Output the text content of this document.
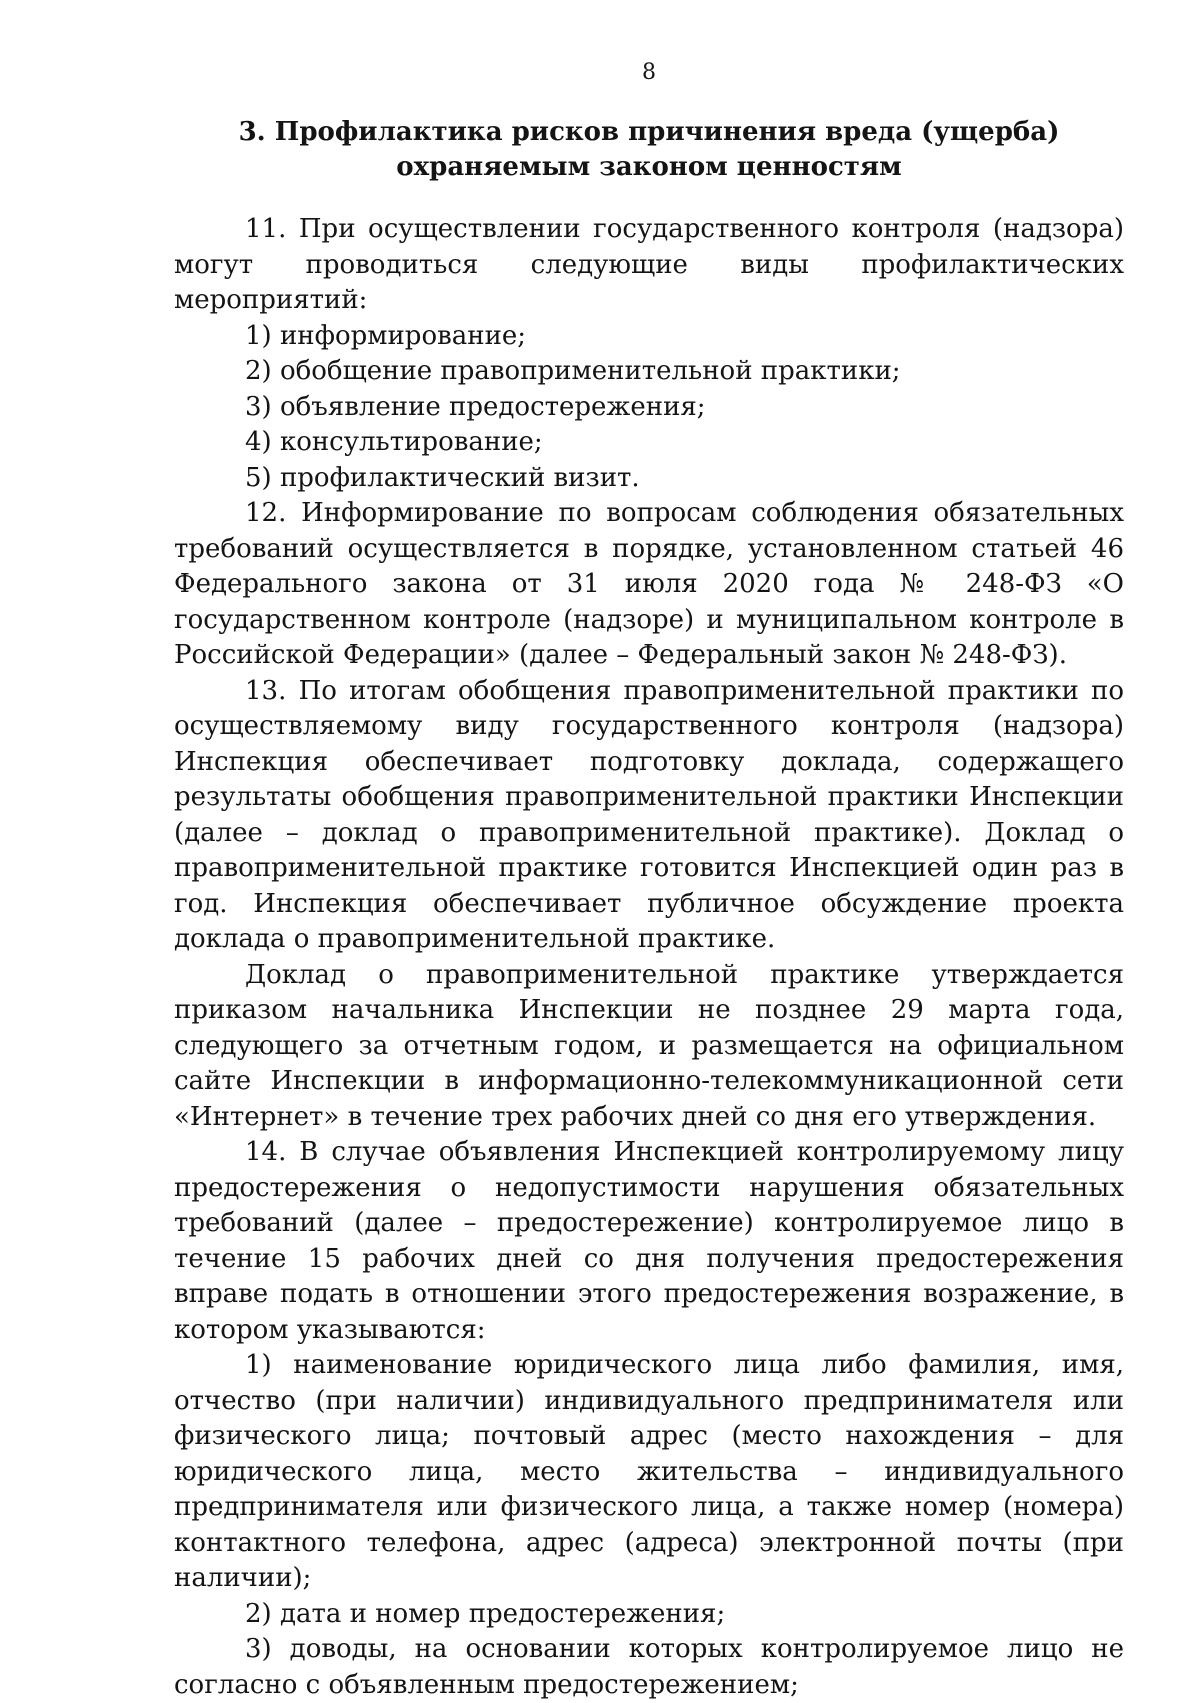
8
3. Профилактика рисков причинения вреда (ущерба)
охраняемым законом ценностям

11. При осуществлении государственного контроля (надзора) могут проводиться следующие виды профилактических мероприятий:

1) информирование;

2) обобщение правоприменительной практики;

3) объявление предостережения;

4) консультирование;

5) профилактический визит.

12. Информирование по вопросам соблюдения обязательных требований осуществляется в порядке, установленном статьей 46 Федерального закона от 31 июля 2020 года № 248-ФЗ «О государственном контроле (надзоре) и муниципальном контроле в Российской Федерации» (далее – Федеральный закон № 248-ФЗ).

13. По итогам обобщения правоприменительной практики по осуществляемому виду государственного контроля (надзора) Инспекция обеспечивает подготовку доклада, содержащего результаты обобщения правоприменительной практики Инспекции (далее – доклад о правоприменительной практике). Доклад о правоприменительной практике готовится Инспекцией один раз в год. Инспекция обеспечивает публичное обсуждение проекта доклада о правоприменительной практике.

Доклад о правоприменительной практике утверждается приказом начальника Инспекции не позднее 29 марта года, следующего за отчетным годом, и размещается на официальном сайте Инспекции в информационно-телекоммуникационной сети «Интернет» в течение трех рабочих дней со дня его утверждения.

14. В случае объявления Инспекцией контролируемому лицу предостережения о недопустимости нарушения обязательных требований (далее – предостережение) контролируемое лицо в течение 15 рабочих дней со дня получения предостережения вправе подать в отношении этого предостережения возражение, в котором указываются:

1) наименование юридического лица либо фамилия, имя, отчество (при наличии) индивидуального предпринимателя или физического лица; почтовый адрес (место нахождения – для юридического лица, место жительства – индивидуального предпринимателя или физического лица, а также номер (номера) контактного телефона, адрес (адреса) электронной почты (при наличии);

2) дата и номер предостережения;

3) доводы, на основании которых контролируемое лицо не согласно с объявленным предостережением;
